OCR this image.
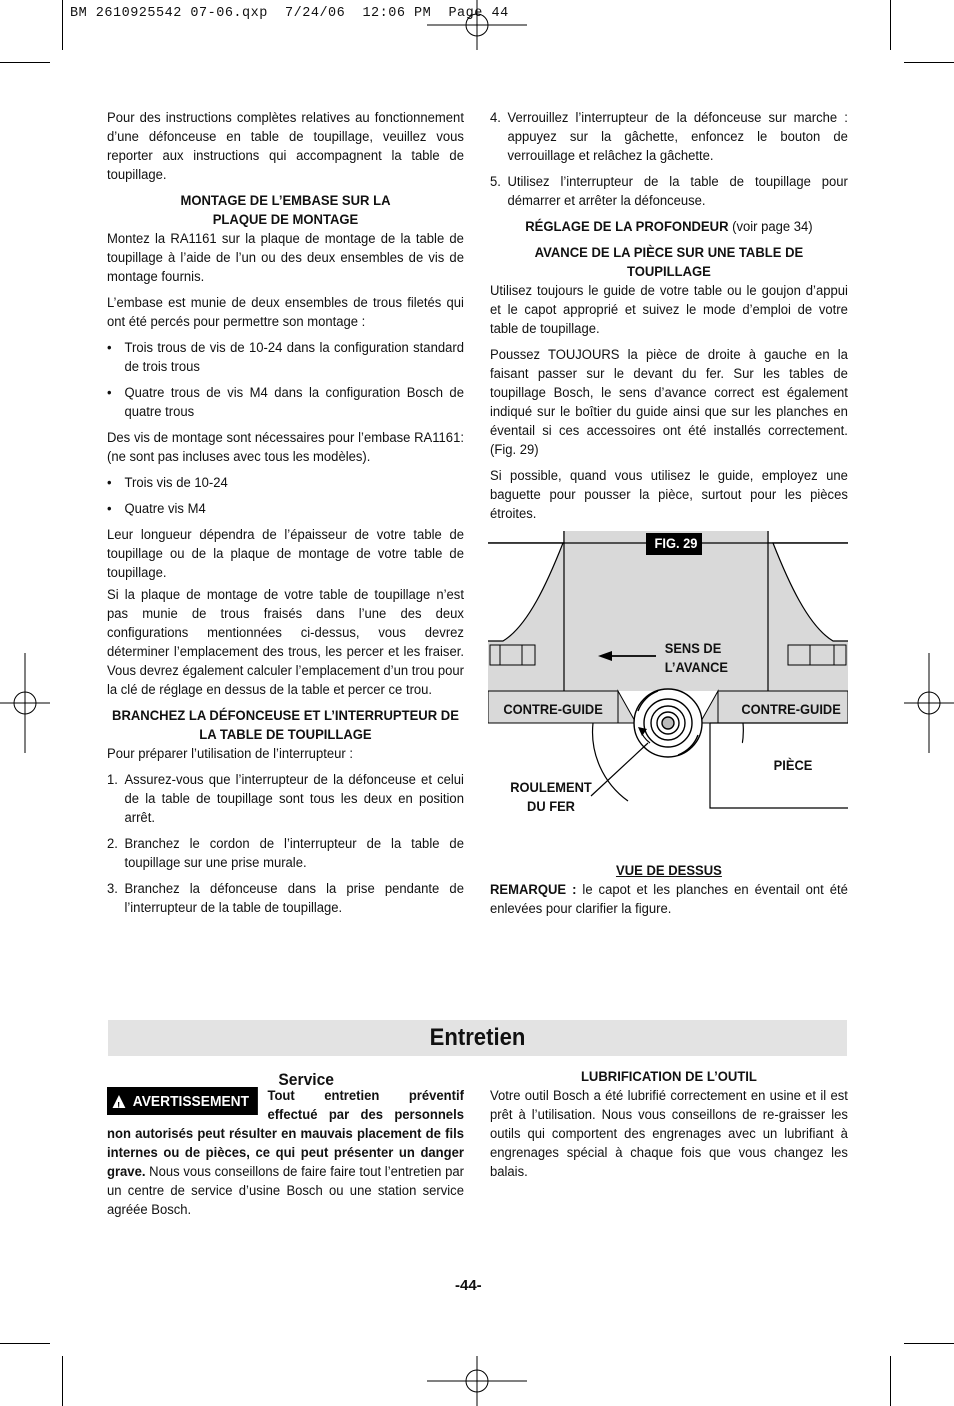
BM 2610925542 07-06.qxp  7/24/06  12:06 PM  Page 44

Pour des instructions complètes relatives au fonctionnement d’une défonceuse en table de toupillage, veuillez vous reporter aux instructions qui accompagnent la table de toupillage.

MONTAGE DE L’EMBASE SUR LA
PLAQUE DE MONTAGE

Montez la RA1161 sur la plaque de montage de la table de toupillage à l’aide de l’un ou des deux ensembles de vis de montage fournis.

L’embase est munie de deux ensembles de trous filetés qui ont été percés pour permettre son montage :

• Trois trous de vis de 10-24 dans la configuration standard de trois trous
• Quatre trous de vis M4 dans la configuration Bosch de quatre trous

Des vis de montage sont nécessaires pour l’embase RA1161: (ne sont pas incluses avec tous les modèles).

• Trois vis de 10-24
• Quatre vis M4

Leur longueur dépendra de l’épaisseur de votre table de toupillage ou de la plaque de montage de votre table de toupillage.

Si la plaque de montage de votre table de toupillage n’est pas munie de trous fraisés dans l’une des deux configurations mentionnées ci-dessus, vous devrez déterminer l’emplacement des trous, les percer et les fraiser. Vous devrez également calculer l’emplacement d’un trou pour la clé de réglage en dessus de la table et percer ce trou.

BRANCHEZ LA DÉFONCEUSE ET L’INTERRUPTEUR DE
LA TABLE DE TOUPILLAGE

Pour préparer l’utilisation de l’interrupteur :

1. Assurez-vous que l’interrupteur de la défonceuse et celui de la table de toupillage sont tous les deux en position arrêt.
2. Branchez le cordon de l’interrupteur de la table de toupillage sur une prise murale.
3. Branchez la défonceuse dans la prise pendante de l’interrupteur de la table de toupillage.
4. Verrouillez l’interrupteur de la défonceuse sur marche : appuyez sur la gâchette, enfoncez le bouton de verrouillage et relâchez la gâchette.
5. Utilisez l’interrupteur de la table de toupillage pour démarrer et arrêter la défonceuse.

RÉGLAGE DE LA PROFONDEUR (voir page 34)

AVANCE DE LA PIÈCE SUR UNE TABLE DE
TOUPILLAGE

Utilisez toujours le guide de votre table ou le goujon d’appui et le capot approprié et suivez le mode d’emploi de votre table de toupillage.

Poussez TOUJOURS la pièce de droite à gauche en la faisant passer sur le devant du fer. Sur les tables de toupillage Bosch, le sens d’avance correct est également indiqué sur le boîtier du guide ainsi que sur les planches en éventail si ces accessoires ont été installés correctement. (Fig. 29)

Si possible, quand vous utilisez le guide, employez une baguette pour pousser la pièce, surtout pour les pièces étroites.

FIG. 29
SENS DE
L’AVANCE
CONTRE-GUIDE	CONTRE-GUIDE
PIÈCE
ROULEMENT
DU FER
VUE DE DESSUS

REMARQUE : le capot et les planches en éventail ont été enlevées pour clarifier la figure.

Entretien
Service

! AVERTISSEMENT Tout entretien préventif effectué par des personnels non autorisés peut résulter en mauvais placement de fils internes ou de pièces, ce qui peut présenter un danger grave. Nous vous conseillons de faire faire tout l’entretien par un centre de service d’usine Bosch ou une station service agréée Bosch.

LUBRIFICATION DE L’OUTIL

Votre outil Bosch a été lubrifié correctement en usine et il est prêt à l’utilisation. Nous vous conseillons de re-graisser les outils qui comportent des engrenages avec un lubrifiant à engrenages spécial à chaque fois que vous changez les balais.

-44-
